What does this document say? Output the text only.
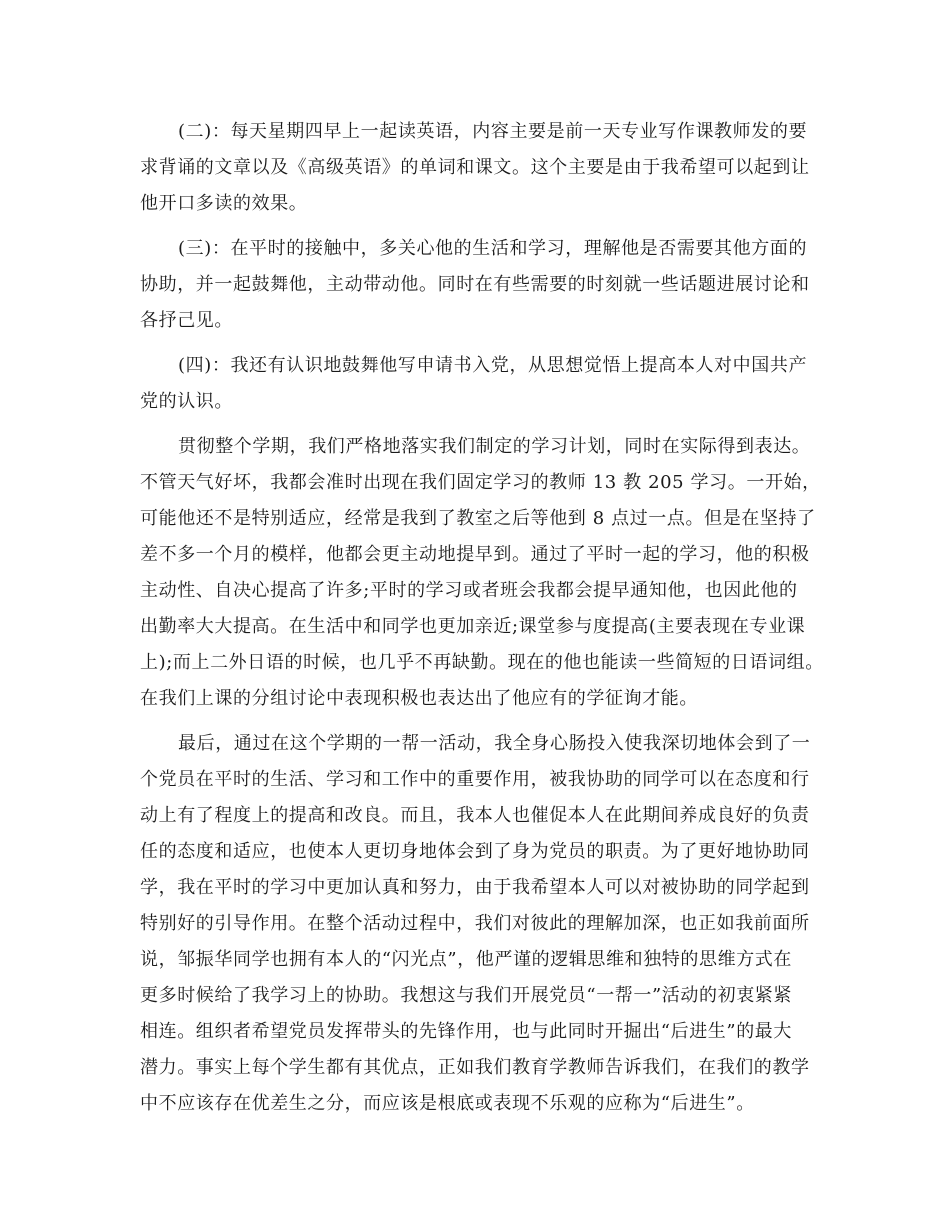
(二)：每天星期四早上一起读英语，内容主要是前一天专业写作课教师发的要
求背诵的文章以及《高级英语》的单词和课文。这个主要是由于我希望可以起到让
他开口多读的效果。
(三)：在平时的接触中，多关心他的生活和学习，理解他是否需要其他方面的
协助，并一起鼓舞他，主动带动他。同时在有些需要的时刻就一些话题进展讨论和
各抒己见。
(四)：我还有认识地鼓舞他写申请书入党，从思想觉悟上提高本人对中国共产
党的认识。
贯彻整个学期，我们严格地落实我们制定的学习计划，同时在实际得到表达。
不管天气好坏，我都会准时出现在我们固定学习的教师 13 教 205 学习。一开始，
可能他还不是特别适应，经常是我到了教室之后等他到 8 点过一点。但是在坚持了
差不多一个月的模样，他都会更主动地提早到。通过了平时一起的学习，他的积极
主动性、自决心提高了许多;平时的学习或者班会我都会提早通知他，也因此他的
出勤率大大提高。在生活中和同学也更加亲近;课堂参与度提高(主要表现在专业课
上);而上二外日语的时候，也几乎不再缺勤。现在的他也能读一些简短的日语词组。
在我们上课的分组讨论中表现积极也表达出了他应有的学征询才能。
最后，通过在这个学期的一帮一活动，我全身心肠投入使我深切地体会到了一
个党员在平时的生活、学习和工作中的重要作用，被我协助的同学可以在态度和行
动上有了程度上的提高和改良。而且，我本人也催促本人在此期间养成良好的负责
任的态度和适应，也使本人更切身地体会到了身为党员的职责。为了更好地协助同
学，我在平时的学习中更加认真和努力，由于我希望本人可以对被协助的同学起到
特别好的引导作用。在整个活动过程中，我们对彼此的理解加深，也正如我前面所
说，邹振华同学也拥有本人的“闪光点”，他严谨的逻辑思维和独特的思维方式在
更多时候给了我学习上的协助。我想这与我们开展党员“一帮一”活动的初衷紧紧
相连。组织者希望党员发挥带头的先锋作用，也与此同时开掘出“后进生”的最大
潜力。事实上每个学生都有其优点，正如我们教育学教师告诉我们，在我们的教学
中不应该存在优差生之分，而应该是根底或表现不乐观的应称为“后进生”。
